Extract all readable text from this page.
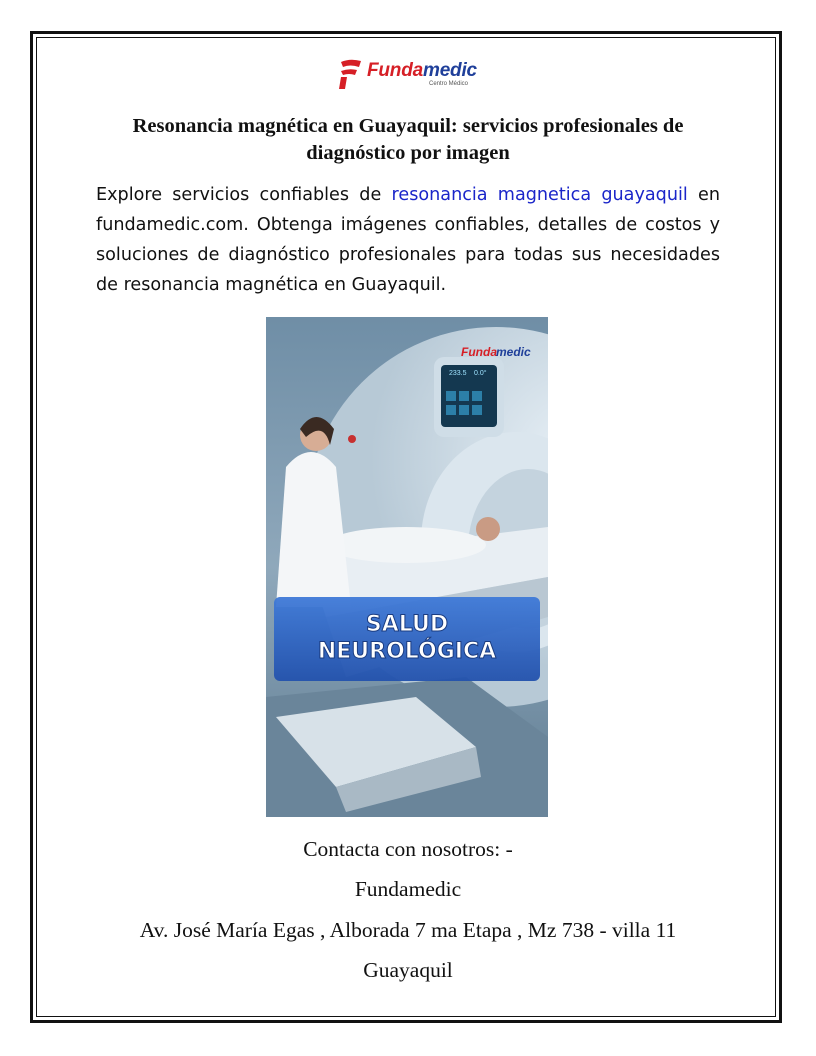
Fundamedic
Centro Médico
Resonancia magnética en Guayaquil: servicios profesionales de diagnóstico por imagen
Explore servicios confiables de resonancia magnetica guayaquil en fundamedic.com. Obtenga imágenes confiables, detalles de costos y soluciones de diagnóstico profesionales para todas sus necesidades de resonancia magnética en Guayaquil.
233.5 0.0°
Funda medic
SALUD
NEUROLÓGICA
Contacta con nosotros: -
Fundamedic
Av. José María Egas , Alborada 7 ma Etapa , Mz 738 - villa 11
Guayaquil
